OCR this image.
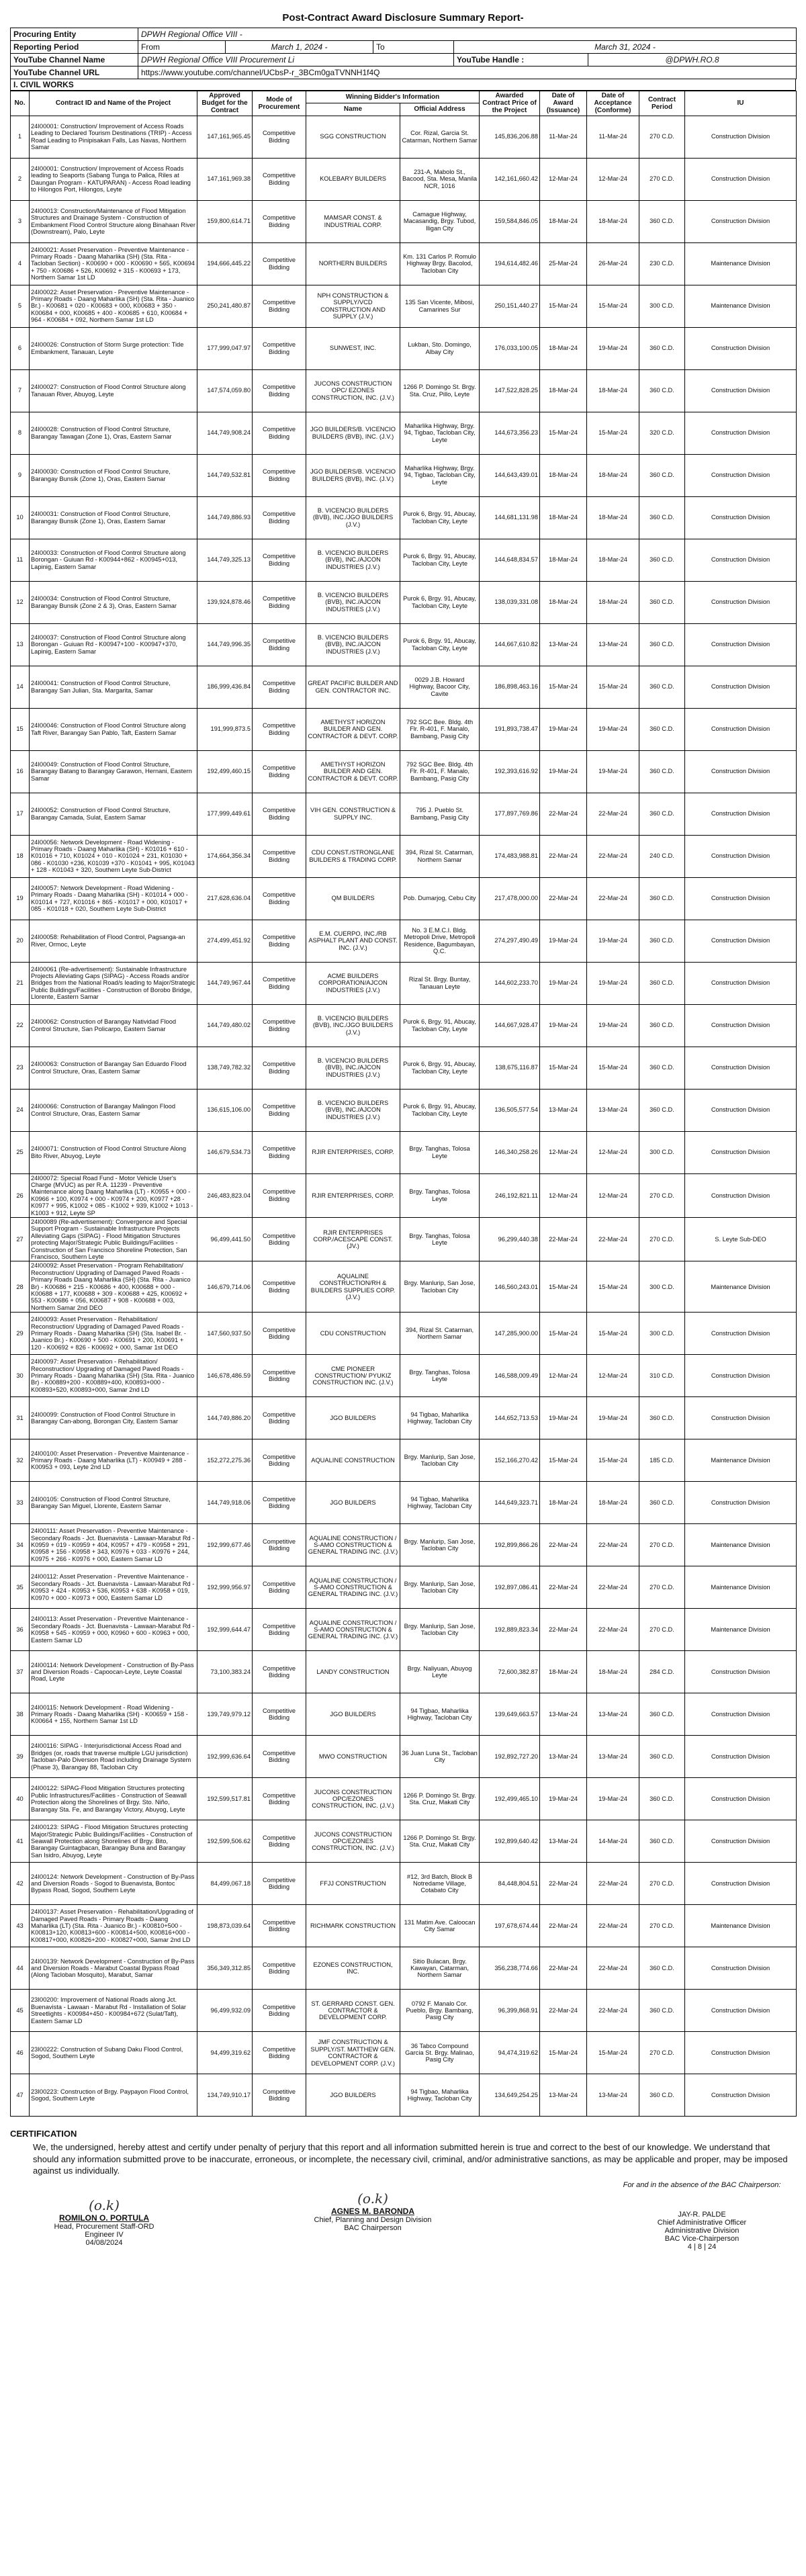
Post-Contract Award Disclosure Summary Report-
Procuring Entity	DPWH Regional Office VIII -				
Reporting Period	From	March 1, 2024 -	To	March 31, 2024 -	
YouTube Channel Name	DPWH Regional Office VIII Procurement Li			YouTube Handle :	@DPWH.RO.8
YouTube Channel URL	https://www.youtube.com/channel/UCbsP-r_3BCm0gaTVNNH1f4Q				
I. CIVIL WORKS
No.	Contract ID and Name of the Project	Approved Budget for the Contract	Mode of Procurement	Winning Bidder's Information		Awarded Contract Price of the Project	Date of Award (Issuance)	Date of Acceptance (Conforme)	Contract Period	IU
				Name	Official Address					
1	24I00001: Construction/ Improvement of Access Roads Leading to Declared Tourism Destinations (TRIP) - Access Road Leading to Pinipisakan Falls, Las Navas, Northern Samar	147,161,965.45	Competitive Bidding	SGG CONSTRUCTION	Cor. Rizal, Garcia St. Catarman, Northern Samar	145,836,206.88	11-Mar-24	11-Mar-24	270 C.D.	Construction Division
2	24I00001: Construction/ Improvement of Access Roads leading to Seaports (Sabang Tunga to Palica, Riles at Daungan Program - KATUPARAN) - Access Road leading to Hilongos Port, Hilongos, Leyte	147,161,969.38	Competitive Bidding	KOLEBARY BUILDERS	231-A, Mabolo St., Bacood, Sta. Mesa, Manila NCR, 1016	142,161,660.42	12-Mar-24	12-Mar-24	270 C.D.	Construction Division
3	24I00013: Construction/Maintenance of Flood Mitigation Structures and Drainage System - Construction of Embankment Flood Control Structure along Binahaan River (Downstream), Palo, Leyte	159,800,614.71	Competitive Bidding	MAMSAR CONST. & INDUSTRIAL CORP.	Camague Highway, Macasandig, Brgy. Tubod, Iligan City	159,584,846.05	18-Mar-24	18-Mar-24	360 C.D.	Construction Division
4	24I00021: Asset Preservation - Preventive Maintenance - Primary Roads - Daang Maharlika (SH) (Sta. Rita - Tacloban Section) - K00690 + 000 - K00690 + 565, K00694 + 750 - K00686 + 526, K00692 + 315 - K00693 + 173, Northern Samar 1st LD	194,666,445.22	Competitive Bidding	NORTHERN BUILDERS	Km. 131 Carlos P. Romulo Highway Brgy. Bacolod, Tacloban City	194,614,482.46	25-Mar-24	26-Mar-24	230 C.D.	Maintenance Division
5	24I00022: Asset Preservation - Preventive Maintenance - Primary Roads - Daang Maharlika (SH) (Sta. Rita - Juanico Br.) - K00681 + 020 - K00683 + 000, K00683 + 350 - K00684 + 000, K00685 + 400 - K00685 + 610, K00684 + 964 - K00684 + 092, Northern Samar 1st LD	250,241,480.87	Competitive Bidding	NPH CONSTRUCTION & SUPPLY/VCD CONSTRUCTION AND SUPPLY (J.V.)	135 San Vicente, Mibosi, Camarines Sur	250,151,440.27	15-Mar-24	15-Mar-24	300 C.D.	Maintenance Division
6	24I00026: Construction of Storm Surge protection: Tide Embankment, Tanauan, Leyte	177,999,047.97	Competitive Bidding	SUNWEST, INC.	Lukban, Sto. Domingo, Albay City	176,033,100.05	18-Mar-24	19-Mar-24	360 C.D.	Construction Division
7	24I00027: Construction of Flood Control Structure along Tanauan River, Abuyog, Leyte	147,574,059.80	Competitive Bidding	JUCONS CONSTRUCTION OPC/ EZONES CONSTRUCTION, INC. (J.V.)	1266 P. Domingo St. Brgy. Sta. Cruz, Pillo, Leyte	147,522,828.25	18-Mar-24	18-Mar-24	360 C.D.	Construction Division
8	24I00028: Construction of Flood Control Structure, Barangay Tawagan (Zone 1), Oras, Eastern Samar	144,749,908.24	Competitive Bidding	JGO BUILDERS/B. VICENCIO BUILDERS (BVB), INC. (J.V.)	Maharlika Highway, Brgy. 94, Tigbao, Tacloban City, Leyte	144,673,356.23	15-Mar-24	15-Mar-24	320 C.D.	Construction Division
9	24I00030: Construction of Flood Control Structure, Barangay Bunsik (Zone 1), Oras, Eastern Samar	144,749,532.81	Competitive Bidding	JGO BUILDERS/B. VICENCIO BUILDERS (BVB), INC. (J.V.)	Maharlika Highway, Brgy. 94, Tigbao, Tacloban City, Leyte	144,643,439.01	18-Mar-24	18-Mar-24	360 C.D.	Construction Division
10	24I00031: Construction of Flood Control Structure, Barangay Bunsik (Zone 1), Oras, Eastern Samar	144,749,886.93	Competitive Bidding	B. VICENCIO BUILDERS (BVB), INC./JGO BUILDERS (J.V.)	Purok 6, Brgy. 91, Abucay, Tacloban City, Leyte	144,681,131.98	18-Mar-24	18-Mar-24	360 C.D.	Construction Division
11	24I00033: Construction of Flood Control Structure along Borongan - Guiuan Rd - K00944+862 - K00945+013, Lapinig, Eastern Samar	144,749,325.13	Competitive Bidding	B. VICENCIO BUILDERS (BVB), INC./AJCON INDUSTRIES (J.V.)	Purok 6, Brgy. 91, Abucay, Tacloban City, Leyte	144,648,834.57	18-Mar-24	18-Mar-24	360 C.D.	Construction Division
12	24I00034: Construction of Flood Control Structure, Barangay Bunsik (Zone 2 & 3), Oras, Eastern Samar	139,924,878.46	Competitive Bidding	B. VICENCIO BUILDERS (BVB), INC./AJCON INDUSTRIES (J.V.)	Purok 6, Brgy. 91, Abucay, Tacloban City, Leyte	138,039,331.08	18-Mar-24	18-Mar-24	360 C.D.	Construction Division
13	24I00037: Construction of Flood Control Structure along Borongan - Guiuan Rd - K00947+100 - K00947+370, Lapinig, Eastern Samar	144,749,996.35	Competitive Bidding	B. VICENCIO BUILDERS (BVB), INC./AJCON INDUSTRIES (J.V.)	Purok 6, Brgy. 91, Abucay, Tacloban City, Leyte	144,667,610.82	13-Mar-24	13-Mar-24	360 C.D.	Construction Division
14	24I00041: Construction of Flood Control Structure, Barangay San Julian, Sta. Margarita, Samar	186,999,436.84	Competitive Bidding	GREAT PACIFIC BUILDER AND GEN. CONTRACTOR INC.	0029 J.B. Howard Highway, Bacoor City, Cavite	186,898,463.16	15-Mar-24	15-Mar-24	360 C.D.	Construction Division
15	24I00046: Construction of Flood Control Structure along Taft River, Barangay San Pablo, Taft, Eastern Samar	191,999,873.5	Competitive Bidding	AMETHYST HORIZON BUILDER AND GEN. CONTRACTOR & DEVT. CORP.	792 SGC Bee. Bldg. 4th Flr. R-401, F. Manalo, Bambang, Pasig City	191,893,738.47	19-Mar-24	19-Mar-24	360 C.D.	Construction Division
16	24I00049: Construction of Flood Control Structure, Barangay Batang to Barangay Garawon, Hernani, Eastern Samar	192,499,460.15	Competitive Bidding	AMETHYST HORIZON BUILDER AND GEN. CONTRACTOR & DEVT. CORP.	792 SGC Bee. Bldg. 4th Flr. R-401, F. Manalo, Bambang, Pasig City	192,393,616.92	19-Mar-24	19-Mar-24	360 C.D.	Construction Division
17	24I00052: Construction of Flood Control Structure, Barangay Camada, Sulat, Eastern Samar	177,999,449.61	Competitive Bidding	VIH GEN. CONSTRUCTION & SUPPLY INC.	795 J. Pueblo St. Bambang, Pasig City	177,897,769.86	22-Mar-24	22-Mar-24	360 C.D.	Construction Division
18	24I00056: Network Development - Road Widening - Primary Roads - Daang Maharlika (SH) - K01016 + 610 - K01016 + 710, K01024 + 010 - K01024 + 231, K01030 + 086 - K01030 +236, K01039 +370 - K01041 + 995, K01043 + 128 - K01043 + 320, Southern Leyte Sub-District	174,664,356.34	Competitive Bidding	CDU CONST./STRONGLANE BUILDERS & TRADING CORP.	394, Rizal St. Catarman, Northern Samar	174,483,988.81	22-Mar-24	22-Mar-24	240 C.D.	Construction Division
19	24I00057: Network Development - Road Widening - Primary Roads - Daang Maharlika (SH) - K01014 + 000 - K01014 + 727, K01016 + 865 - K01017 + 000, K01017 + 085 - K01018 + 020, Southern Leyte Sub-District	217,628,636.04	Competitive Bidding	QM BUILDERS	Pob. Dumarjog, Cebu City	217,478,000.00	22-Mar-24	22-Mar-24	360 C.D.	Construction Division
20	24I00058: Rehabilitation of Flood Control, Pagsanga-an River, Ormoc, Leyte	274,499,451.92	Competitive Bidding	E.M. CUERPO, INC./RB ASPHALT PLANT AND CONST. INC. (J.V.)	No. 3 E.M.C.I. Bldg. Metropoli Drive, Metropoli Residence, Bagumbayan, Q.C.	274,297,490.49	19-Mar-24	19-Mar-24	360 C.D.	Construction Division
21	24I00061 (Re-advertisement): Sustainable Infrastructure Projects Alleviating Gaps (SIPAG) - Access Roads and/or Bridges from the National Road/s leading to Major/Strategic Public Buildings/Facilities - Construction of Borobo Bridge, Llorente, Eastern Samar	144,749,967.44	Competitive Bidding	ACME BUILDERS CORPORATION/AJCON INDUSTRIES (J.V.)	Rizal St. Brgy. Buntay, Tanauan Leyte	144,602,233.70	19-Mar-24	19-Mar-24	360 C.D.	Construction Division
22	24I00062: Construction of Barangay Natividad Flood Control Structure, San Policarpo, Eastern Samar	144,749,480.02	Competitive Bidding	B. VICENCIO BUILDERS (BVB), INC./JGO BUILDERS (J.V.)	Purok 6, Brgy. 91, Abucay, Tacloban City, Leyte	144,667,928.47	19-Mar-24	19-Mar-24	360 C.D.	Construction Division
23	24I00063: Construction of Barangay San Eduardo Flood Control Structure, Oras, Eastern Samar	138,749,782.32	Competitive Bidding	B. VICENCIO BUILDERS (BVB), INC./AJCON INDUSTRIES (J.V.)	Purok 6, Brgy. 91, Abucay, Tacloban City, Leyte	138,675,116.87	15-Mar-24	15-Mar-24	360 C.D.	Construction Division
24	24I00066: Construction of Barangay Malingon Flood Control Structure, Oras, Eastern Samar	136,615,106.00	Competitive Bidding	B. VICENCIO BUILDERS (BVB), INC./AJCON INDUSTRIES (J.V.)	Purok 6, Brgy. 91, Abucay, Tacloban City, Leyte	136,505,577.54	13-Mar-24	13-Mar-24	360 C.D.	Construction Division
25	24I00071: Construction of Flood Control Structure Along Bito River, Abuyog, Leyte	146,679,534.73	Competitive Bidding	RJIR ENTERPRISES, CORP.	Brgy. Tanghas, Tolosa Leyte	146,340,258.26	12-Mar-24	12-Mar-24	300 C.D.	Construction Division
26	24I00072: Special Road Fund - Motor Vehicle User's Charge (MVUC) as per R.A. 11239 - Preventive Maintenance along Daang Maharlika (LT) - K0955 + 000 - K0966 + 100, K0974 + 000 - K0974 + 200, K0977 +28 - K0977 + 995, K1002 + 085 - K1002 + 939, K1002 + 1013 - K1003 + 912, Leyte SP	246,483,823.04	Competitive Bidding	RJIR ENTERPRISES, CORP.	Brgy. Tanghas, Tolosa Leyte	246,192,821.11	12-Mar-24	12-Mar-24	270 C.D.	Construction Division
27	24I00089 (Re-advertisement): Convergence and Special Support Program - Sustainable Infrastructure Projects Alleviating Gaps (SIPAG) - Flood Mitigation Structures protecting Major/Strategic Public Buildings/Facilities - Construction of San Francisco Shoreline Protection, San Francisco, Southern Leyte	96,499,441.50	Competitive Bidding	RJIR ENTERPRISES CORP./ACESCAPE CONST. (JV.)	Brgy. Tanghas, Tolosa Leyte	96,299,440.38	22-Mar-24	22-Mar-24	270 C.D.	S. Leyte Sub-DEO
28	24I00092: Asset Preservation - Program Rehabilitation/ Reconstruction/ Upgrading of Damaged Paved Roads - Primary Roads Daang Maharlika (SH) (Sta. Rita - Juanico Br) - K00686 + 215 - K00686 + 400, K00688 + 000 - K00688 + 177, K00688 + 309 - K00688 + 425, K00692 + 553 - K00686 + 056, K00687 + 908 - K00688 + 003, Northern Samar 2nd DEO	146,679,714.06	Competitive Bidding	AQUALINE CONSTRUCTION/RH & BUILDERS SUPPLIES CORP. (J.V.)	Brgy. Manlurip, San Jose, Tacloban City	146,560,243.01	15-Mar-24	15-Mar-24	300 C.D.	Maintenance Division
29	24I00093: Asset Preservation - Rehabilitation/ Reconstruction/ Upgrading of Damaged Paved Roads - Primary Roads - Daang Maharlika (SH) (Sta. Isabel Br. - Juanico Br.) - K00690 + 500 - K00691 + 200, K00691 + 120 - K00692 + 826 - K00692 + 000, Samar 1st DEO	147,560,937.50	Competitive Bidding	CDU CONSTRUCTION	394, Rizal St. Catarman, Northern Samar	147,285,900.00	15-Mar-24	15-Mar-24	300 C.D.	Construction Division
30	24I00097: Asset Preservation - Rehabilitation/ Reconstruction/ Upgrading of Damaged Paved Roads - Primary Roads - Daang Maharlika (SH) (Sta. Rita - Juanico Br) - K00889+200 - K00889+400, K00893+000 - K00893+520, K00893+000, Samar 2nd LD	146,678,486.59	Competitive Bidding	CME PIONEER CONSTRUCTION/ PYUKIZ CONSTRUCTION INC. (J.V.)	Brgy. Tanghas, Tolosa Leyte	146,588,009.49	12-Mar-24	12-Mar-24	310 C.D.	Construction Division
31	24I00099: Construction of Flood Control Structure in Barangay Can-abong, Borongan City, Eastern Samar	144,749,886.20	Competitive Bidding	JGO BUILDERS	94 Tigbao, Maharlika Highway, Tacloban City	144,652,713.53	19-Mar-24	19-Mar-24	360 C.D.	Construction Division
32	24I00100: Asset Preservation - Preventive Maintenance - Primary Roads - Daang Maharlika (LT) - K00949 + 288 - K00953 + 093, Leyte 2nd LD	152,272,275.36	Competitive Bidding	AQUALINE CONSTRUCTION	Brgy. Manlurip, San Jose, Tacloban City	152,166,270.42	15-Mar-24	15-Mar-24	185 C.D.	Maintenance Division
33	24I00105: Construction of Flood Control Structure, Barangay San Miguel, Llorente, Eastern Samar	144,749,918.06	Competitive Bidding	JGO BUILDERS	94 Tigbao, Maharlika Highway, Tacloban City	144,649,323.71	18-Mar-24	18-Mar-24	360 C.D.	Construction Division
34	24I00111: Asset Preservation - Preventive Maintenance - Secondary Roads - Jct. Buenavista - Lawaan-Marabut Rd - K0959 + 019 - K0959 + 404, K0957 + 479 - K0958 + 291, K0958 + 156 - K0958 + 343, K0976 + 033 - K0976 + 244, K0975 + 266 - K0976 + 000, Eastern Samar LD	192,999,677.46	Competitive Bidding	AQUALINE CONSTRUCTION / S-AMO CONSTRUCTION & GENERAL TRADING INC. (J.V.)	Brgy. Manlurip, San Jose, Tacloban City	192,899,866.26	22-Mar-24	22-Mar-24	270 C.D.	Maintenance Division
35	24I00112: Asset Preservation - Preventive Maintenance - Secondary Roads - Jct. Buenavista - Lawaan-Marabut Rd - K0953 + 424 - K0953 + 536, K0953 + 638 - K0958 + 019, K0970 + 000 - K0973 + 000, Eastern Samar LD	192,999,956.97	Competitive Bidding	AQUALINE CONSTRUCTION / S-AMO CONSTRUCTION & GENERAL TRADING INC. (J.V.)	Brgy. Manlurip, San Jose, Tacloban City	192,897,086.41	22-Mar-24	22-Mar-24	270 C.D.	Maintenance Division
36	24I00113: Asset Preservation - Preventive Maintenance - Secondary Roads - Jct. Buenavista - Lawaan-Marabut Rd - K0958 + 545 - K0959 + 000, K0960 + 600 - K0963 + 000, Eastern Samar LD	192,999,644.47	Competitive Bidding	AQUALINE CONSTRUCTION / S-AMO CONSTRUCTION & GENERAL TRADING INC. (J.V.)	Brgy. Manlurip, San Jose, Tacloban City	192,889,823.34	22-Mar-24	22-Mar-24	270 C.D.	Maintenance Division
37	24I00114: Network Development - Construction of By-Pass and Diversion Roads - Capoocan-Leyte, Leyte Coastal Road, Leyte	73,100,383.24	Competitive Bidding	LANDY CONSTRUCTION	Brgy. Naliyuan, Abuyog Leyte	72,600,382.87	18-Mar-24	18-Mar-24	284 C.D.	Construction Division
38	24I00115: Network Development - Road Widening - Primary Roads - Daang Maharlika (SH) - K00659 + 158 - K00664 + 155, Northern Samar 1st LD	139,749,979.12	Competitive Bidding	JGO BUILDERS	94 Tigbao, Maharlika Highway, Tacloban City	139,649,663.57	13-Mar-24	13-Mar-24	360 C.D.	Construction Division
39	24I00116: SIPAG - Interjurisdictional Access Road and Bridges (or, roads that traverse multiple LGU jurisdiction) Tacloban-Palo Diversion Road including Drainage System (Phase 3), Barangay 88, Tacloban City	192,999,636.64	Competitive Bidding	MWO CONSTRUCTION	36 Juan Luna St., Tacloban City	192,892,727.20	13-Mar-24	13-Mar-24	360 C.D.	Construction Division
40	24I00122: SIPAG-Flood Mitigation Structures protecting Public Infrastructures/Facilities - Construction of Seawall Protection along the Shorelines of Brgy. Sto. Niño, Barangay Sta. Fe, and Barangay Victory, Abuyog, Leyte	192,599,517.81	Competitive Bidding	JUCONS CONSTRUCTION OPC/EZONES CONSTRUCTION, INC. (J.V.)	1266 P. Domingo St. Brgy. Sta. Cruz, Makati City	192,499,465.10	19-Mar-24	19-Mar-24	360 C.D.	Construction Division
41	24I00123: SIPAG - Flood Mitigation Structures protecting Major/Strategic Public Buildings/Facilities - Construction of Seawall Protection along Shorelines of Brgy. Bito, Barangay Guintagbacan, Barangay Buna and Barangay San Isidro, Abuyog, Leyte	192,599,506.62	Competitive Bidding	JUCONS CONSTRUCTION OPC/EZONES CONSTRUCTION, INC. (J.V.)	1266 P. Domingo St. Brgy. Sta. Cruz, Makati City	192,899,640.42	13-Mar-24	14-Mar-24	360 C.D.	Construction Division
42	24I00124: Network Development - Construction of By-Pass and Diversion Roads - Sogod to Buenavista, Bontoc Bypass Road, Sogod, Southern Leyte	84,499,067.18	Competitive Bidding	FFJJ CONSTRUCTION	#12, 3rd Batch, Block B Notredame Village, Cotabato City	84,448,804.51	22-Mar-24	22-Mar-24	270 C.D.	Construction Division
43	24I00137: Asset Preservation - Rehabilitation/Upgrading of Damaged Paved Roads - Primary Roads - Daang Maharlika (LT) (Sta. Rita - Juanico Br.) - K00810+500 - K00813+120, K00813+600 - K00814+500, K00816+000 - K00817+000, K00826+200 - K00827+000, Samar 2nd LD	198,873,039.64	Competitive Bidding	RICHMARK CONSTRUCTION	131 Matim Ave. Caloocan City Samar	197,678,674.44	22-Mar-24	22-Mar-24	270 C.D.	Maintenance Division
44	24I00139: Network Development - Construction of By-Pass and Diversion Roads - Marabut Coastal Bypass Road (Along Tacloban Mosquito), Marabut, Samar	356,349,312.85	Competitive Bidding	EZONES CONSTRUCTION, INC.	Sitio Bulacan, Brgy. Kawayan, Catarman, Northern Samar	356,238,774.66	22-Mar-24	22-Mar-24	360 C.D.	Construction Division
45	23I00200: Improvement of National Roads along Jct. Buenavista - Lawaan - Marabut Rd - Installation of Solar Streetlights - K00984+450 - K00984+672 (Sulat/Taft), Eastern Samar LD	96,499,932.09	Competitive Bidding	ST. GERRARD CONST. GEN. CONTRACTOR & DEVELOPMENT CORP.	0792 F. Manalo Cor. Pueblo, Brgy. Bambang, Pasig City	96,399,868.91	22-Mar-24	22-Mar-24	360 C.D.	Construction Division
46	23I00222: Construction of Subang Daku Flood Control, Sogod, Southern Leyte	94,499,319.62	Competitive Bidding	JMF CONSTRUCTION & SUPPLY/ST. MATTHEW GEN. CONTRACTOR & DEVELOPMENT CORP. (J.V.)	36 Tabco Compound Garcia St. Brgy. Malinao, Pasig City	94,474,319.62	15-Mar-24	15-Mar-24	270 C.D.	Construction Division
47	23I00223: Construction of Brgy. Paypayon Flood Control, Sogod, Southern Leyte	134,749,910.17	Competitive Bidding	JGO BUILDERS	94 Tigbao, Maharlika Highway, Tacloban City	134,649,254.25	13-Mar-24	13-Mar-24	360 C.D.	Construction Division
CERTIFICATION

We, the undersigned, hereby attest and certify under penalty of perjury that this report and all information submitted herein is true and correct to the best of our knowledge. We understand that should any information submitted prove to be inaccurate, erroneous, or incomplete, the necessary civil, criminal, and/or administrative sanctions, as may be applicable and proper, may be imposed against us individually.

(o.k)
ROMILON O. PORTULA
Head, Procurement Staff-ORD
Engineer IV
04/08/2024
(o.k)
AGNES M. BARONDA
Chief, Planning and Design Division
BAC Chairperson
For and in the absence of the BAC Chairperson:
JAY-R. PALDE
Chief Administrative Officer
Administrative Division
BAC Vice-Chairperson
4 | 8 | 24
